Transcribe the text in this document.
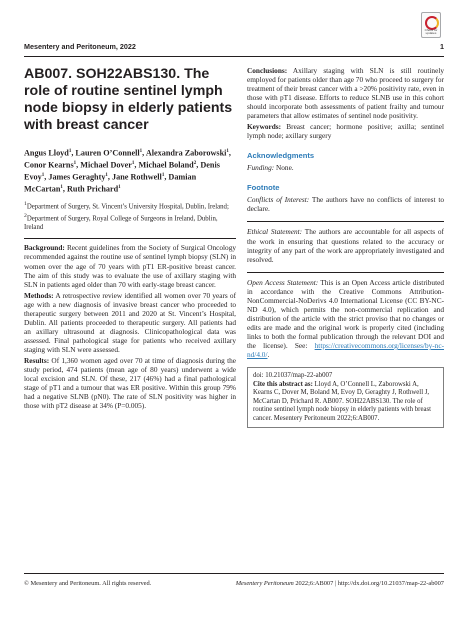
Check for updates
Mesentery and Peritoneum, 2022	1
AB007. SOH22ABS130. The role of routine sentinel lymph node biopsy in elderly patients with breast cancer
Angus Lloyd$^1$, Lauren O’Connell$^1$, Alexandra Zaborowski$^1$, Conor Kearns$^1$, Michael Dover$^1$, Michael Boland$^2$, Denis Evoy$^1$, James Geraghty$^1$, Jane Rothwell$^1$, Damian McCartan$^1$, Ruth Prichard$^1$
$^1$Department of Surgery, St. Vincent’s University Hospital, Dublin, Ireland;
$^2$Department of Surgery, Royal College of Surgeons in Ireland, Dublin, Ireland

Background: Recent guidelines from the Society of Surgical Oncology recommended against the routine use of sentinel lymph biopsy (SLN) in women over the age of 70 years with pT1 ER-positive breast cancer. The aim of this study was to evaluate the use of axillary staging with SLN in patients aged older than 70 with early-stage breast cancer.

Methods: A retrospective review identified all women over 70 years of age with a new diagnosis of invasive breast cancer who proceeded to therapeutic surgery between 2011 and 2020 at St. Vincent’s Hospital, Dublin. All patients proceeded to therapeutic surgery. All patients had an axillary ultrasound at diagnosis. Clinicopathological data was assessed. Final pathological stage for patients who received axillary staging with SLN were assessed.

Results: Of 1,360 women aged over 70 at time of diagnosis during the study period, 474 patients (mean age of 80 years) underwent a wide local excision and SLN. Of these, 217 (46%) had a final pathological stage of pT1 and a tumour that was ER positive. Within this group 79% had a negative SLNB (pN0). The rate of SLN positivity was higher in those with pT2 disease at 34% (P=0.005).

Conclusions: Axillary staging with SLN is still routinely employed for patients older than age 70 who proceed to surgery for treatment of their breast cancer with a >20% positivity rate, even in those with pT1 disease. Efforts to reduce SLNB use in this cohort should incorporate both assessments of patient frailty and tumour parameters that allow estimates of sentinel node positivity.

Keywords: Breast cancer; hormone positive; axilla; sentinel lymph node; axillary surgery

Acknowledgments

Funding: None.

Footnote

Conflicts of Interest: The authors have no conflicts of interest to declare.

Ethical Statement: The authors are accountable for all aspects of the work in ensuring that questions related to the accuracy or integrity of any part of the work are appropriately investigated and resolved.

Open Access Statement: This is an Open Access article distributed in accordance with the Creative Commons Attribution-NonCommercial-NoDerivs 4.0 International License (CC BY-NC-ND 4.0), which permits the non-commercial replication and distribution of the article with the strict proviso that no changes or edits are made and the original work is properly cited (including links to both the formal publication through the relevant DOI and the license). See: https://creativecommons.org/licenses/by-nc-nd/4.0/.

doi: 10.21037/map-22-ab007
Cite this abstract as: Lloyd A, O’Connell L, Zaborowski A, Kearns C, Dover M, Boland M, Evoy D, Geraghty J, Rothwell J, McCartan D, Prichard R. AB007. SOH22ABS130. The role of routine sentinel lymph node biopsy in elderly patients with breast cancer. Mesentery Peritoneum 2022;6:AB007.
© Mesentery and Peritoneum. All rights reserved.	Mesentery Peritoneum 2022;6:AB007 | http://dx.doi.org/10.21037/map-22-ab007
